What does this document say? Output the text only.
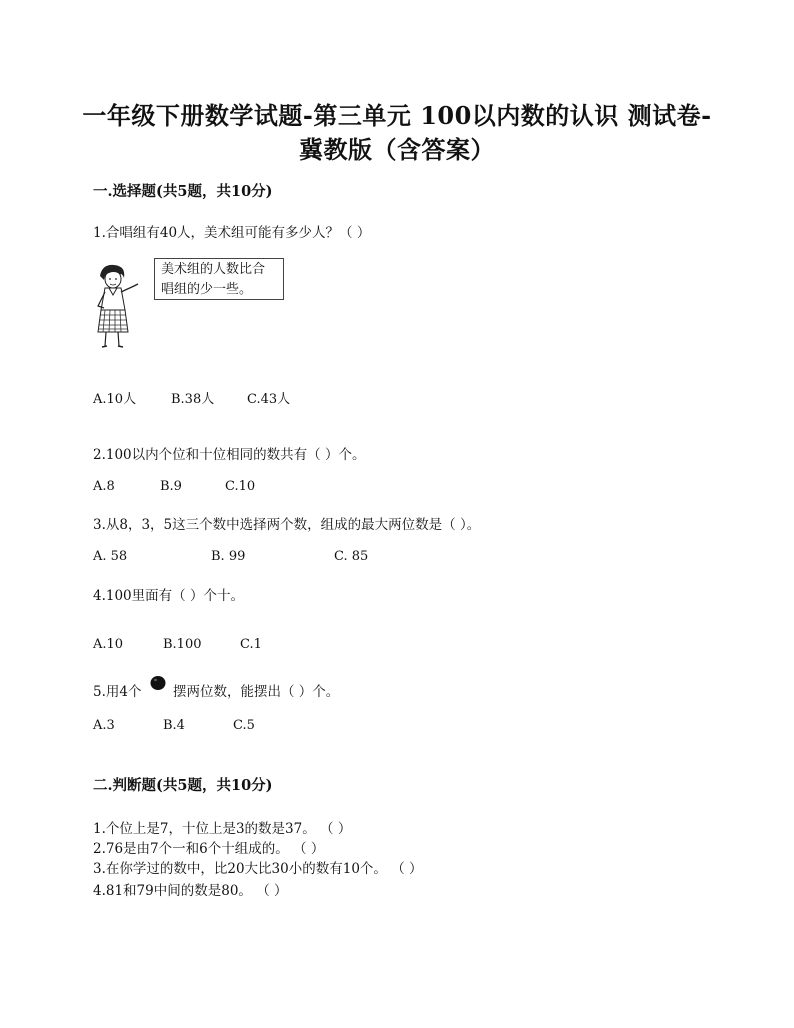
一年级下册数学试题-第三单元 100以内数的认识 测试卷-
冀教版（含答案）
一.选择题(共5题，共10分)
1.合唱组有40人，美术组可能有多少人？（ ）
美术组的人数比合
唱组的少一些。
A.10人	B.38人	C.43人
2.100以内个位和十位相同的数共有（ ）个。
A.8	B.9	C.10
3.从8，3，5这三个数中选择两个数，组成的最大两位数是（ ）。
A. 58	B. 99	C. 85
4.100里面有（ ）个十。
A.10	B.100	C.1
5.用4个 摆两位数，能摆出（ ）个。
A.3	B.4	C.5
二.判断题(共5题，共10分)
1.个位上是7，十位上是3的数是37。 （ ）
2.76是由7个一和6个十组成的。 （ ）
3.在你学过的数中，比20大比30小的数有10个。 （ ）
4.81和79中间的数是80。 （ ）
